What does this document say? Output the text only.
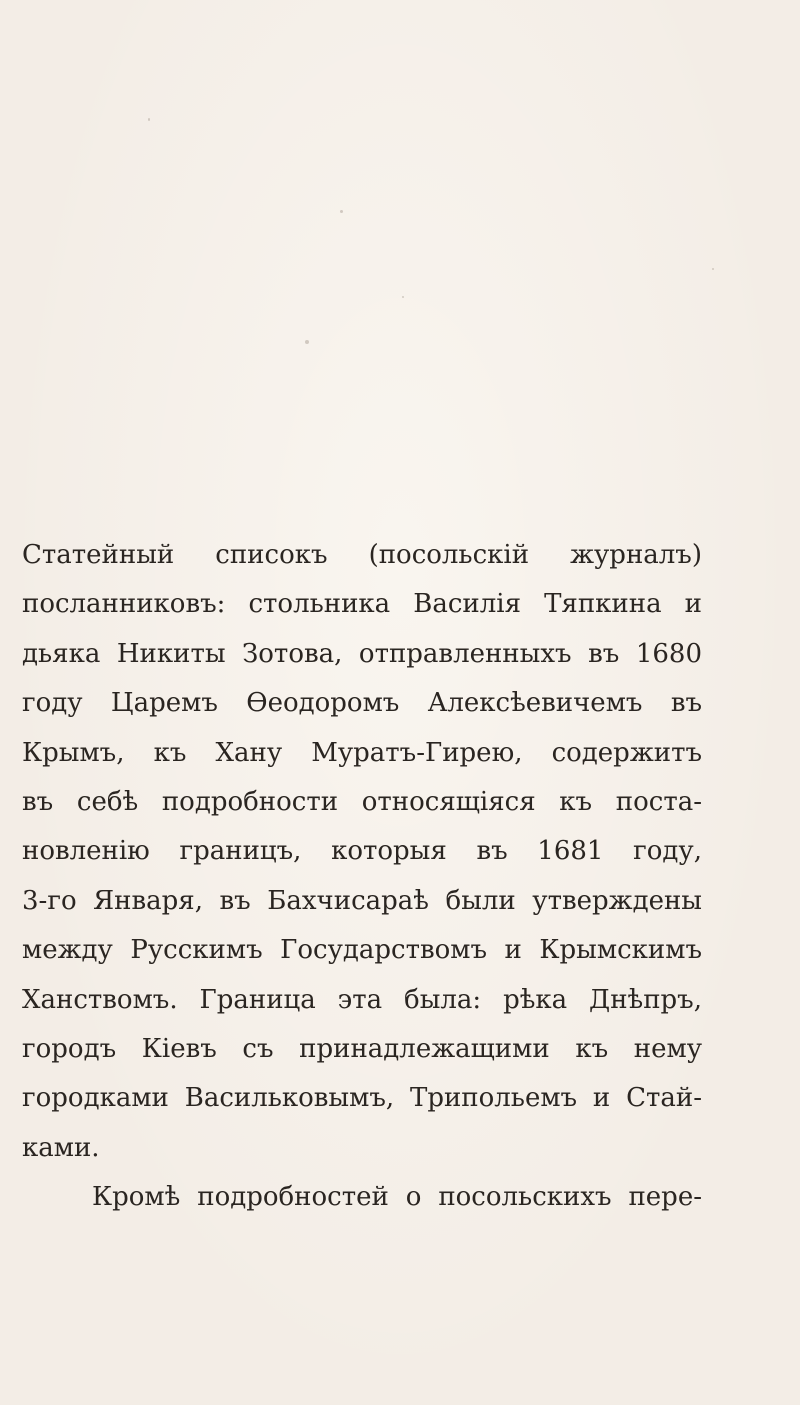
Статейный списокъ (посольскій журналъ)
посланниковъ: стольника Василія Тяпкина и
дьяка Никиты Зотова, отправленныхъ въ 1680
году Царемъ Ѳеодоромъ Алексѣевичемъ въ
Крымъ, къ Хану Муратъ-Гирею, содержитъ
въ себѣ подробности относящіяся къ поста-
новленію границъ, которыя въ 1681 году,
3-го Января, въ Бахчисараѣ были утверждены
между Русскимъ Государствомъ и Крымскимъ
Ханствомъ. Граница эта была: рѣка Днѣпръ,
городъ Кіевъ съ принадлежащими къ нему
городками Васильковымъ, Трипольемъ и Стай-
ками.
Кромѣ подробностей о посольскихъ пере-
